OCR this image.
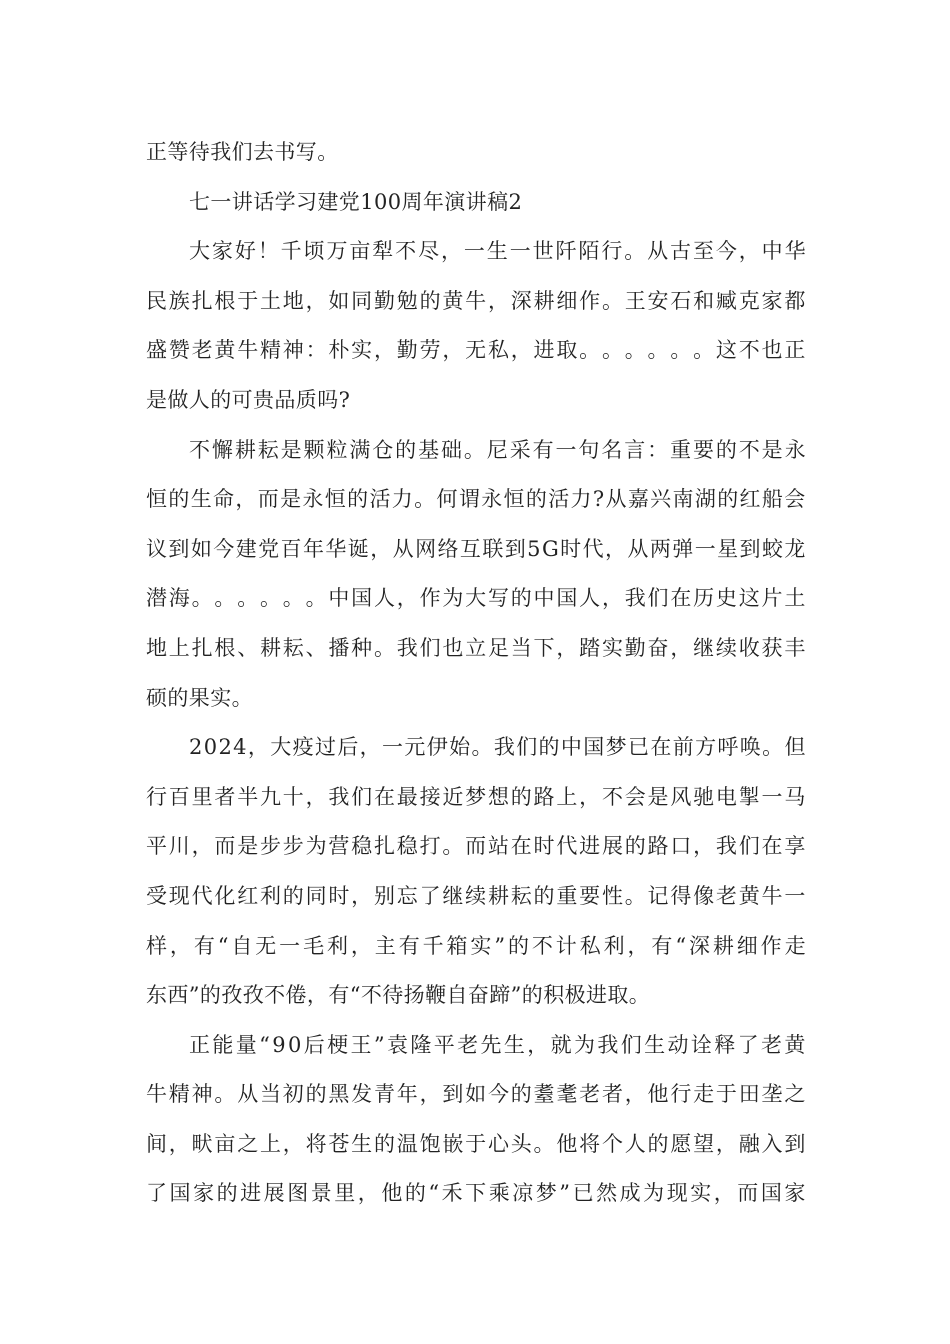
正等待我们去书写。
七一讲话学习建党100周年演讲稿2
大 家 好 ！ 千 顷 万 亩 犁 不 尽 ， 一 生 一 世 阡 陌 行 。 从 古 至 今 ， 中 华
民 族 扎 根 于 土 地 ， 如 同 勤 勉 的 黄 牛 ， 深 耕 细 作 。 王 安 石 和 臧 克 家 都
盛 赞 老 黄 牛 精 神 ： 朴 实 ， 勤 劳 ， 无 私 ， 进 取 。 。 。 。 。 。 这 不 也 正
是做人的可贵品质吗?
不 懈 耕 耘 是 颗 粒 满 仓 的 基 础 。 尼 采 有 一 句 名 言 ： 重 要 的 不 是 永
恒 的 生 命 ， 而 是 永 恒 的 活 力 。 何 谓 永 恒 的 活 力 ? 从 嘉 兴 南 湖 的 红 船 会
议 到 如 今 建 党 百 年 华 诞 ， 从 网 络 互 联 到 5 G 时 代 ， 从 两 弹 一 星 到 蛟 龙
潜 海 。 。 。 。 。 。 中 国 人 ， 作 为 大 写 的 中 国 人 ， 我 们 在 历 史 这 片 土
地 上 扎 根 、 耕 耘 、 播 种 。 我 们 也 立 足 当 下 ， 踏 实 勤 奋 ， 继 续 收 获 丰
硕的果实。
2 0 2 4 ， 大 疫 过 后 ， 一 元 伊 始 。 我 们 的 中 国 梦 已 在 前 方 呼 唤 。 但
行 百 里 者 半 九 十 ， 我 们 在 最 接 近 梦 想 的 路 上 ， 不 会 是 风 驰 电 掣 一 马
平 川 ， 而 是 步 步 为 营 稳 扎 稳 打 。 而 站 在 时 代 进 展 的 路 口 ， 我 们 在 享
受 现 代 化 红 利 的 同 时 ， 别 忘 了 继 续 耕 耘 的 重 要 性 。 记 得 像 老 黄 牛 一
样 ， 有 “ 自 无 一 毛 利 ， 主 有 千 箱 实 ” 的 不 计 私 利 ， 有 “ 深 耕 细 作 走
东西”的孜孜不倦，有“不待扬鞭自奋蹄”的积极进取。
正 能 量 “ 9 0 后 梗 王 ” 袁 隆 平 老 先 生 ， 就 为 我 们 生 动 诠 释 了 老 黄
牛 精 神 。 从 当 初 的 黑 发 青 年 ， 到 如 今 的 耋 耄 老 者 ， 他 行 走 于 田 垄 之
间 ， 畎 亩 之 上 ， 将 苍 生 的 温 饱 嵌 于 心 头 。 他 将 个 人 的 愿 望 ， 融 入 到
了 国 家 的 进 展 图 景 里 ， 他 的 “ 禾 下 乘 凉 梦 ” 已 然 成 为 现 实 ， 而 国 家
